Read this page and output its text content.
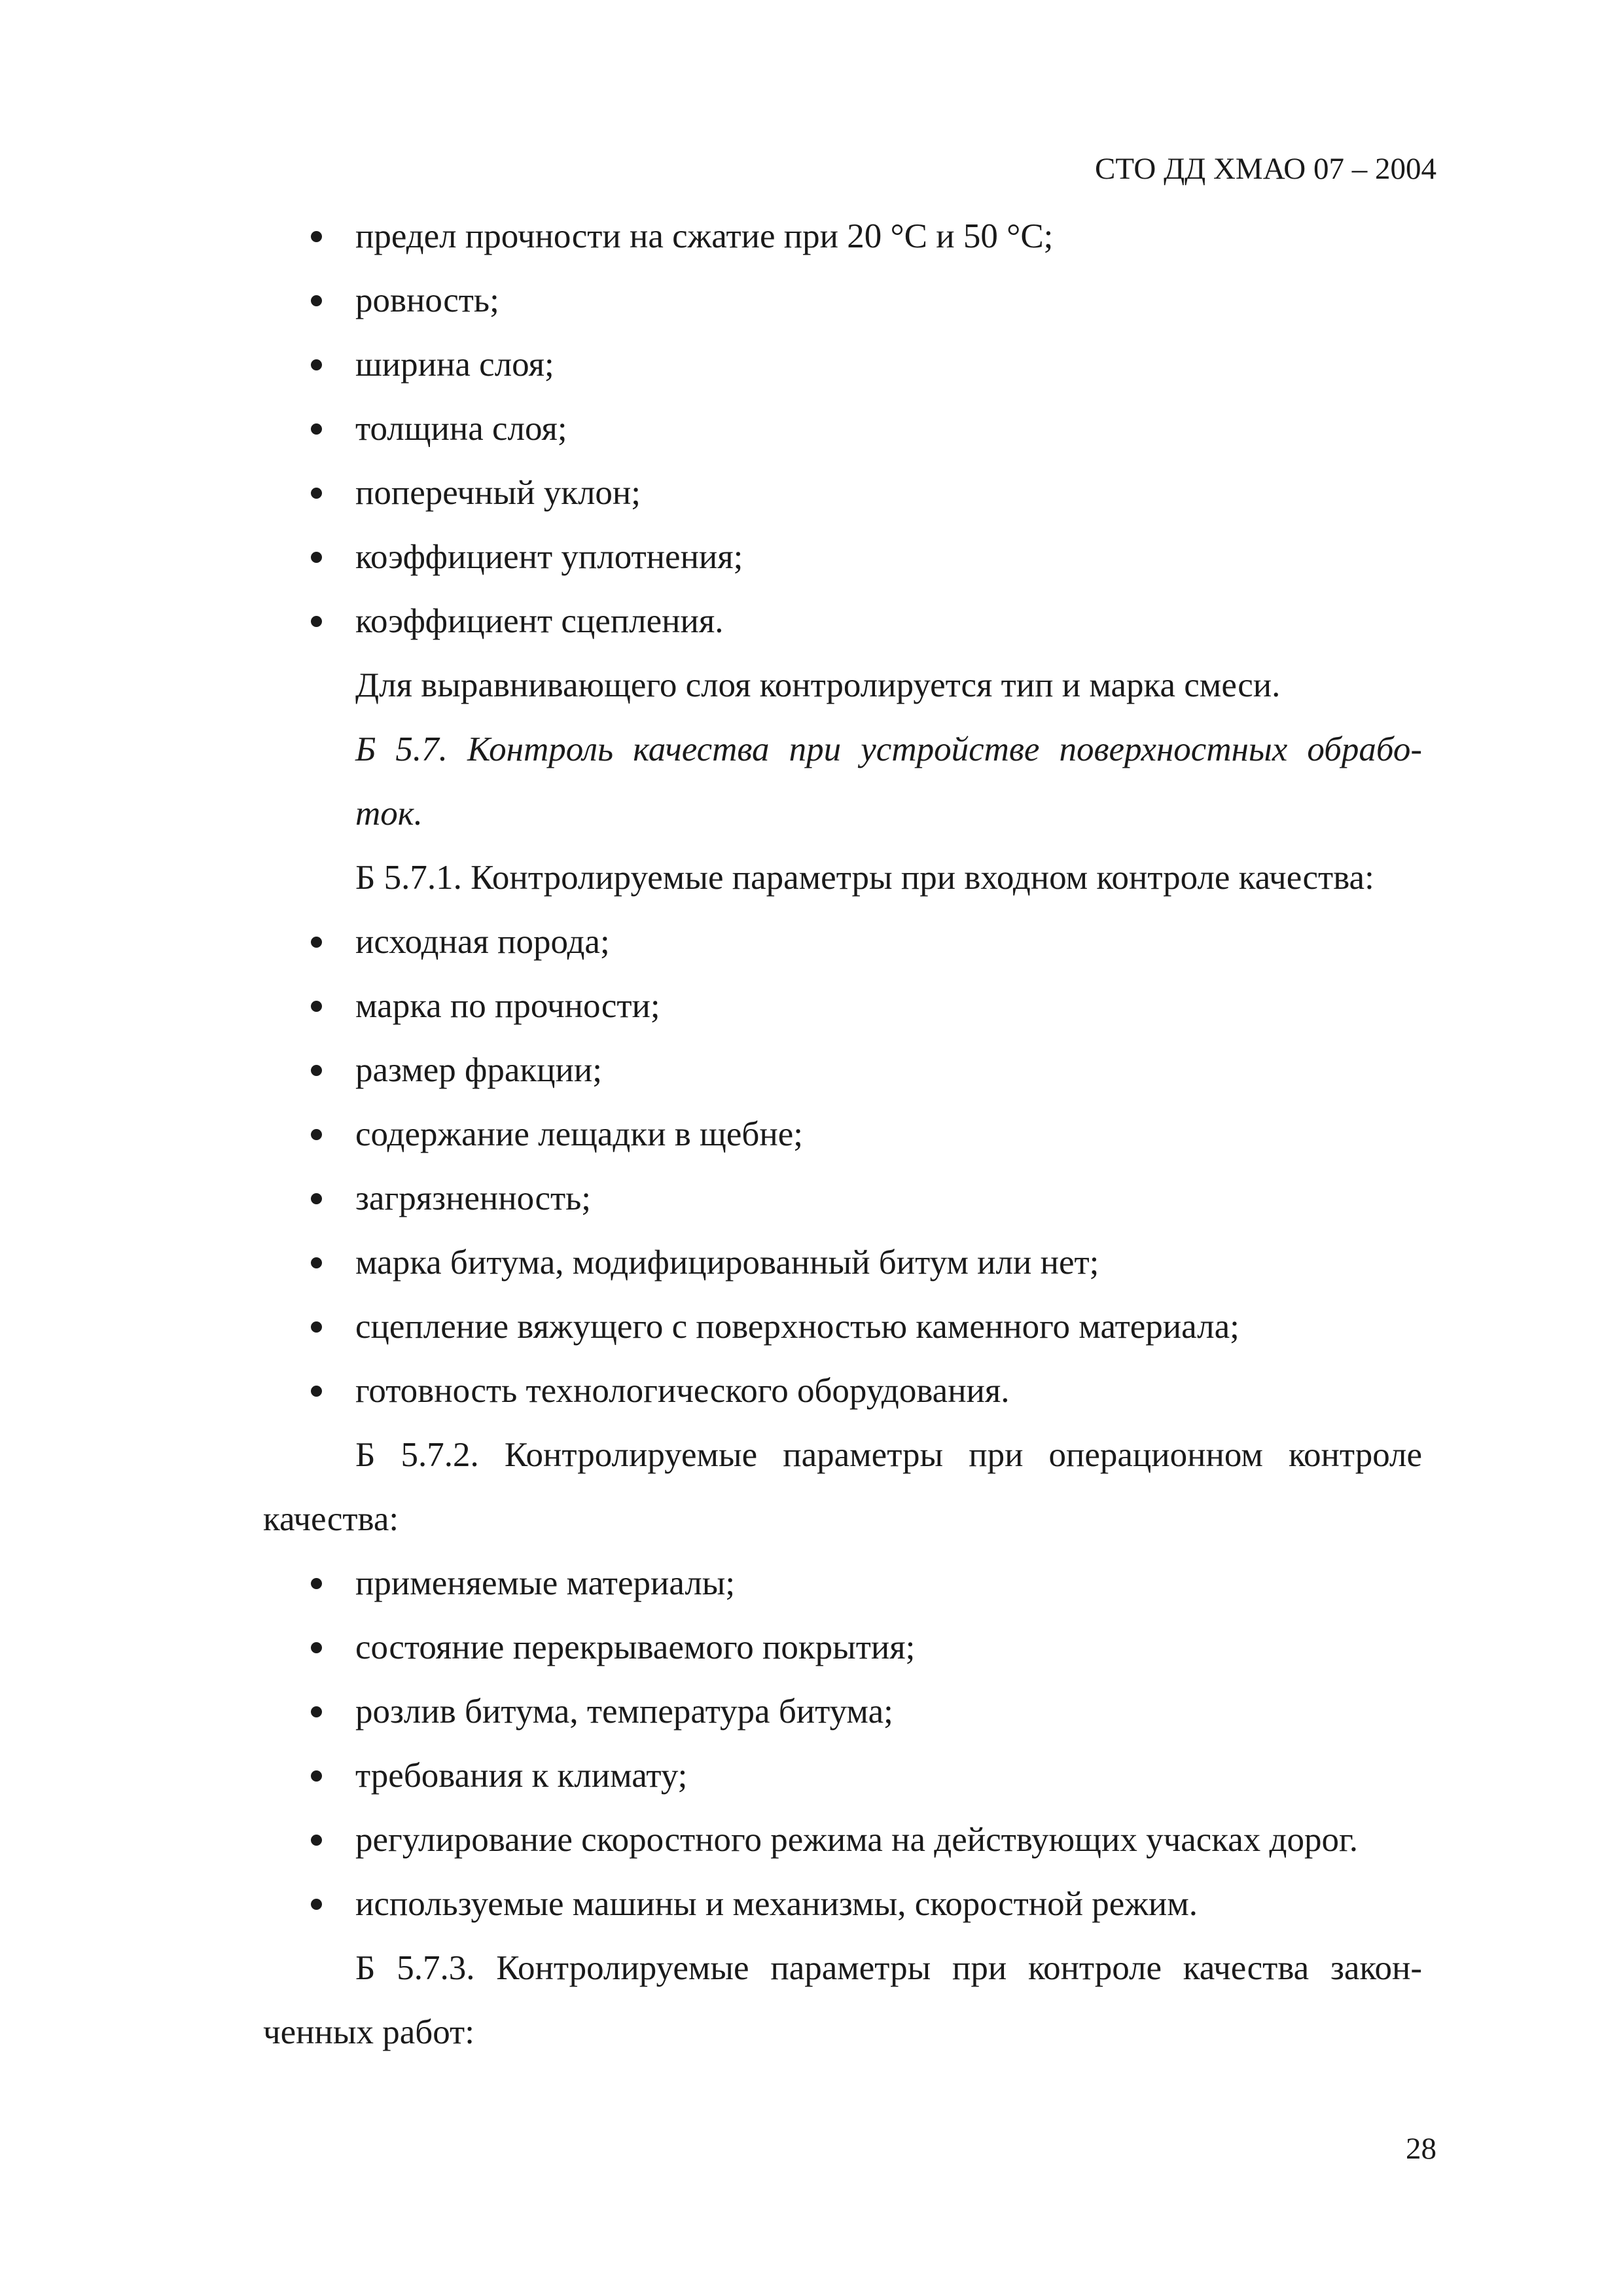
СТО ДД ХМАО 07 – 2004
предел прочности на сжатие при 20 °С и 50 °С;
ровность;
ширина слоя;
толщина слоя;
поперечный уклон;
коэффициент уплотнения;
коэффициент сцепления.
Для выравнивающего слоя контролируется тип и марка смеси.
Б 5.7. Контроль качества при устройстве поверхностных обрабо-
ток.
Б 5.7.1. Контролируемые параметры при входном контроле качества:
исходная порода;
марка по прочности;
размер фракции;
содержание лещадки в щебне;
загрязненность;
марка битума, модифицированный битум или нет;
сцепление вяжущего с поверхностью каменного материала;
готовность технологического оборудования.
Б 5.7.2. Контролируемые параметры при операционном контроле
качества:
применяемые материалы;
состояние перекрываемого покрытия;
розлив битума, температура битума;
требования к климату;
регулирование скоростного режима на действующих учасках дорог.
используемые машины и механизмы, скоростной режим.
Б 5.7.3. Контролируемые параметры при контроле качества закон-
ченных работ:
28
